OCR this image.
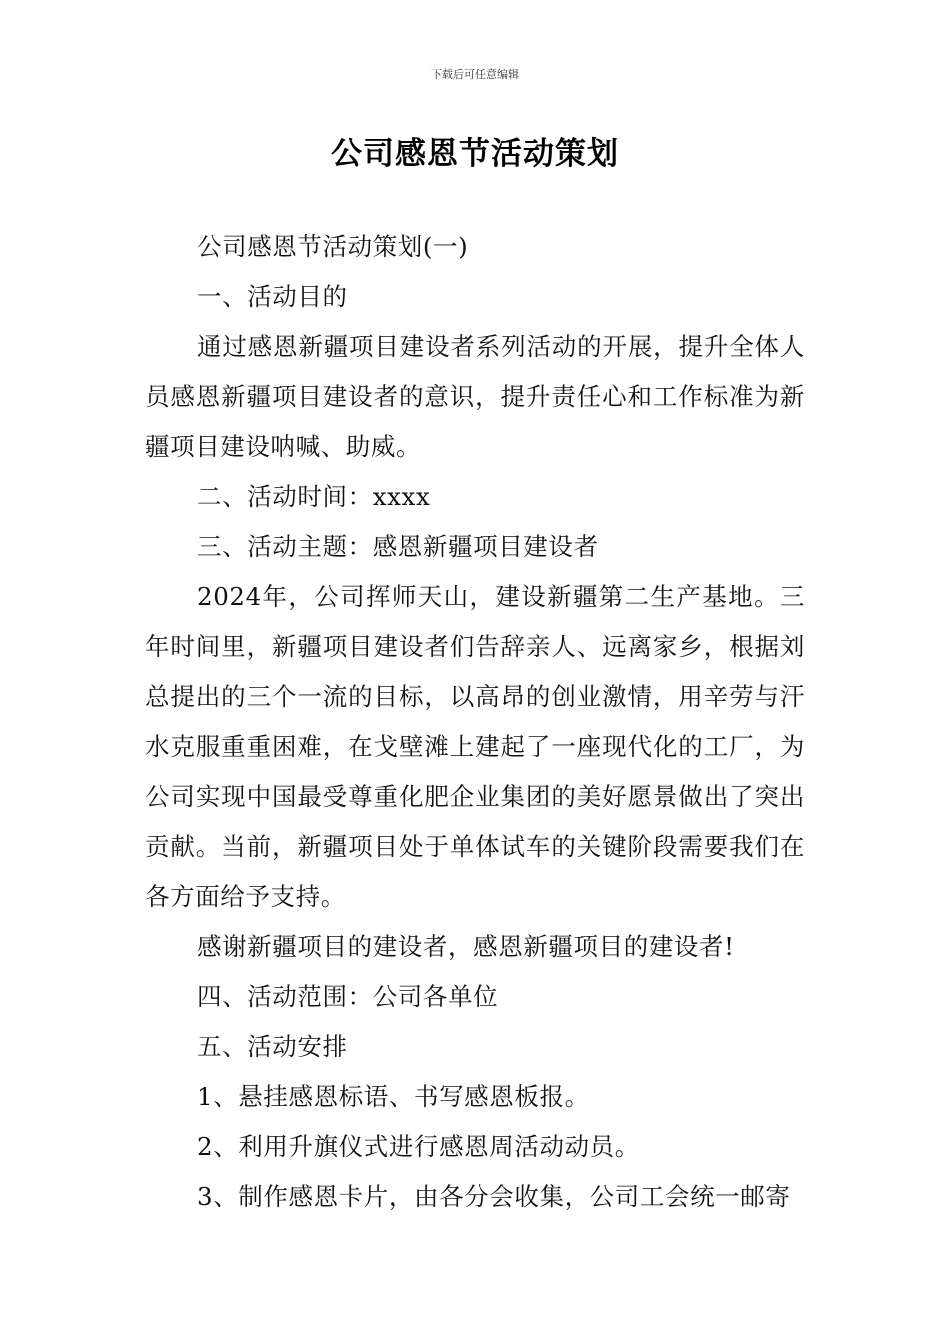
下载后可任意编辑
公司感恩节活动策划

公司感恩节活动策划(一)

一、活动目的

通过感恩新疆项目建设者系列活动的开展，提升全体人员感恩新疆项目建设者的意识，提升责任心和工作标准为新疆项目建设呐喊、助威。

二、活动时间：xxxx

三、活动主题：感恩新疆项目建设者

2024年，公司挥师天山，建设新疆第二生产基地。三年时间里，新疆项目建设者们告辞亲人、远离家乡，根据刘总提出的三个一流的目标，以高昂的创业激情，用辛劳与汗水克服重重困难，在戈壁滩上建起了一座现代化的工厂，为公司实现中国最受尊重化肥企业集团的美好愿景做出了突出贡献。当前，新疆项目处于单体试车的关键阶段需要我们在各方面给予支持。

感谢新疆项目的建设者，感恩新疆项目的建设者!

四、活动范围：公司各单位

五、活动安排

1、悬挂感恩标语、书写感恩板报。

2、利用升旗仪式进行感恩周活动动员。

3、制作感恩卡片，由各分会收集，公司工会统一邮寄
